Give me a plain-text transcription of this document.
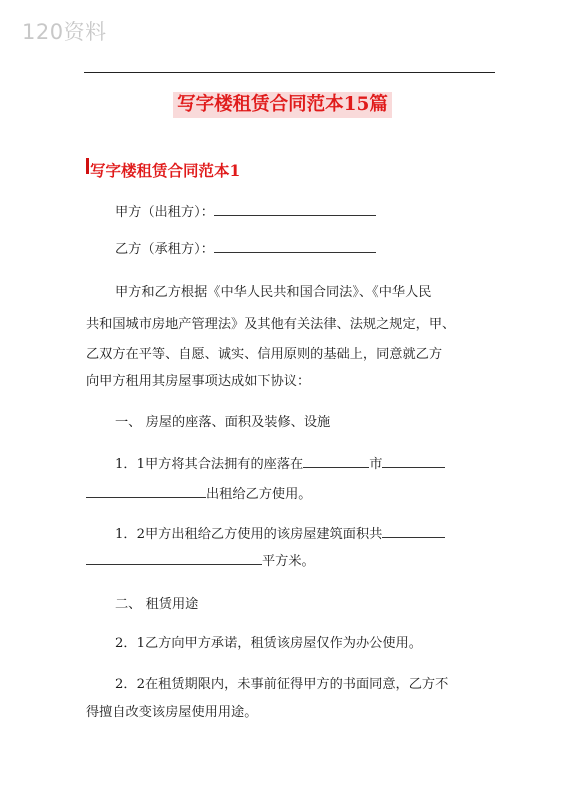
120资料
写字楼租赁合同范本15篇
写字楼租赁合同范本1

甲方（出租方）：

乙方（承租方）：

甲方和乙方根据《中华人民共和国合同法》、《中华人民

共和国城市房地产管理法》及其他有关法律、法规之规定，甲、

乙双方在平等、自愿、诚实、信用原则的基础上，同意就乙方

向甲方租用其房屋事项达成如下协议：

一、 房屋的座落、面积及装修、设施

1．1甲方将其合法拥有的座落在	市

出租给乙方使用。

1．2甲方出租给乙方使用的该房屋建筑面积共

平方米。

二、 租赁用途

2．1乙方向甲方承诺，租赁该房屋仅作为办公使用。

2．2在租赁期限内，未事前征得甲方的书面同意，乙方不

得擅自改变该房屋使用用途。
